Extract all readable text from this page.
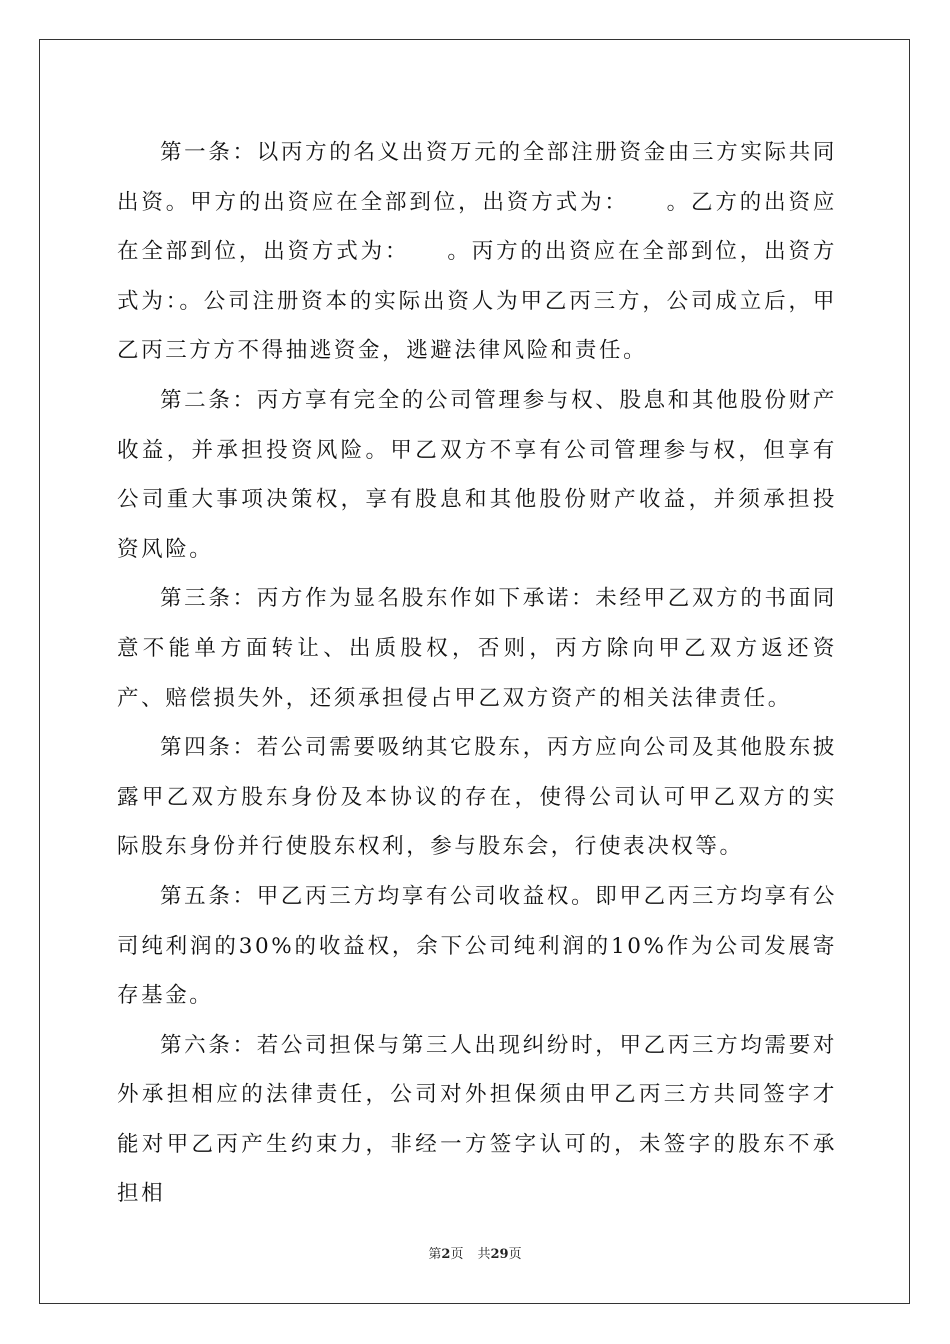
第一条：以丙方的名义出资万元的全部注册资金由三方实际共同出资。甲方的出资应在全部到位，出资方式为：　　。乙方的出资应在全部到位，出资方式为：　　。丙方的出资应在全部到位，出资方式为：。公司注册资本的实际出资人为甲乙丙三方，公司成立后，甲乙丙三方方不得抽逃资金，逃避法律风险和责任。

第二条：丙方享有完全的公司管理参与权、股息和其他股份财产收益，并承担投资风险。甲乙双方不享有公司管理参与权，但享有公司重大事项决策权，享有股息和其他股份财产收益，并须承担投资风险。

第三条：丙方作为显名股东作如下承诺：未经甲乙双方的书面同意不能单方面转让、出质股权，否则，丙方除向甲乙双方返还资产、赔偿损失外，还须承担侵占甲乙双方资产的相关法律责任。

第四条：若公司需要吸纳其它股东，丙方应向公司及其他股东披露甲乙双方股东身份及本协议的存在，使得公司认可甲乙双方的实际股东身份并行使股东权利，参与股东会，行使表决权等。

第五条：甲乙丙三方均享有公司收益权。即甲乙丙三方均享有公司纯利润的30%的收益权，余下公司纯利润的10%作为公司发展寄存基金。

第六条：若公司担保与第三人出现纠纷时，甲乙丙三方均需要对外承担相应的法律责任，公司对外担保须由甲乙丙三方共同签字才能对甲乙丙产生约束力，非经一方签字认可的，未签字的股东不承担相

第2页 共29页
